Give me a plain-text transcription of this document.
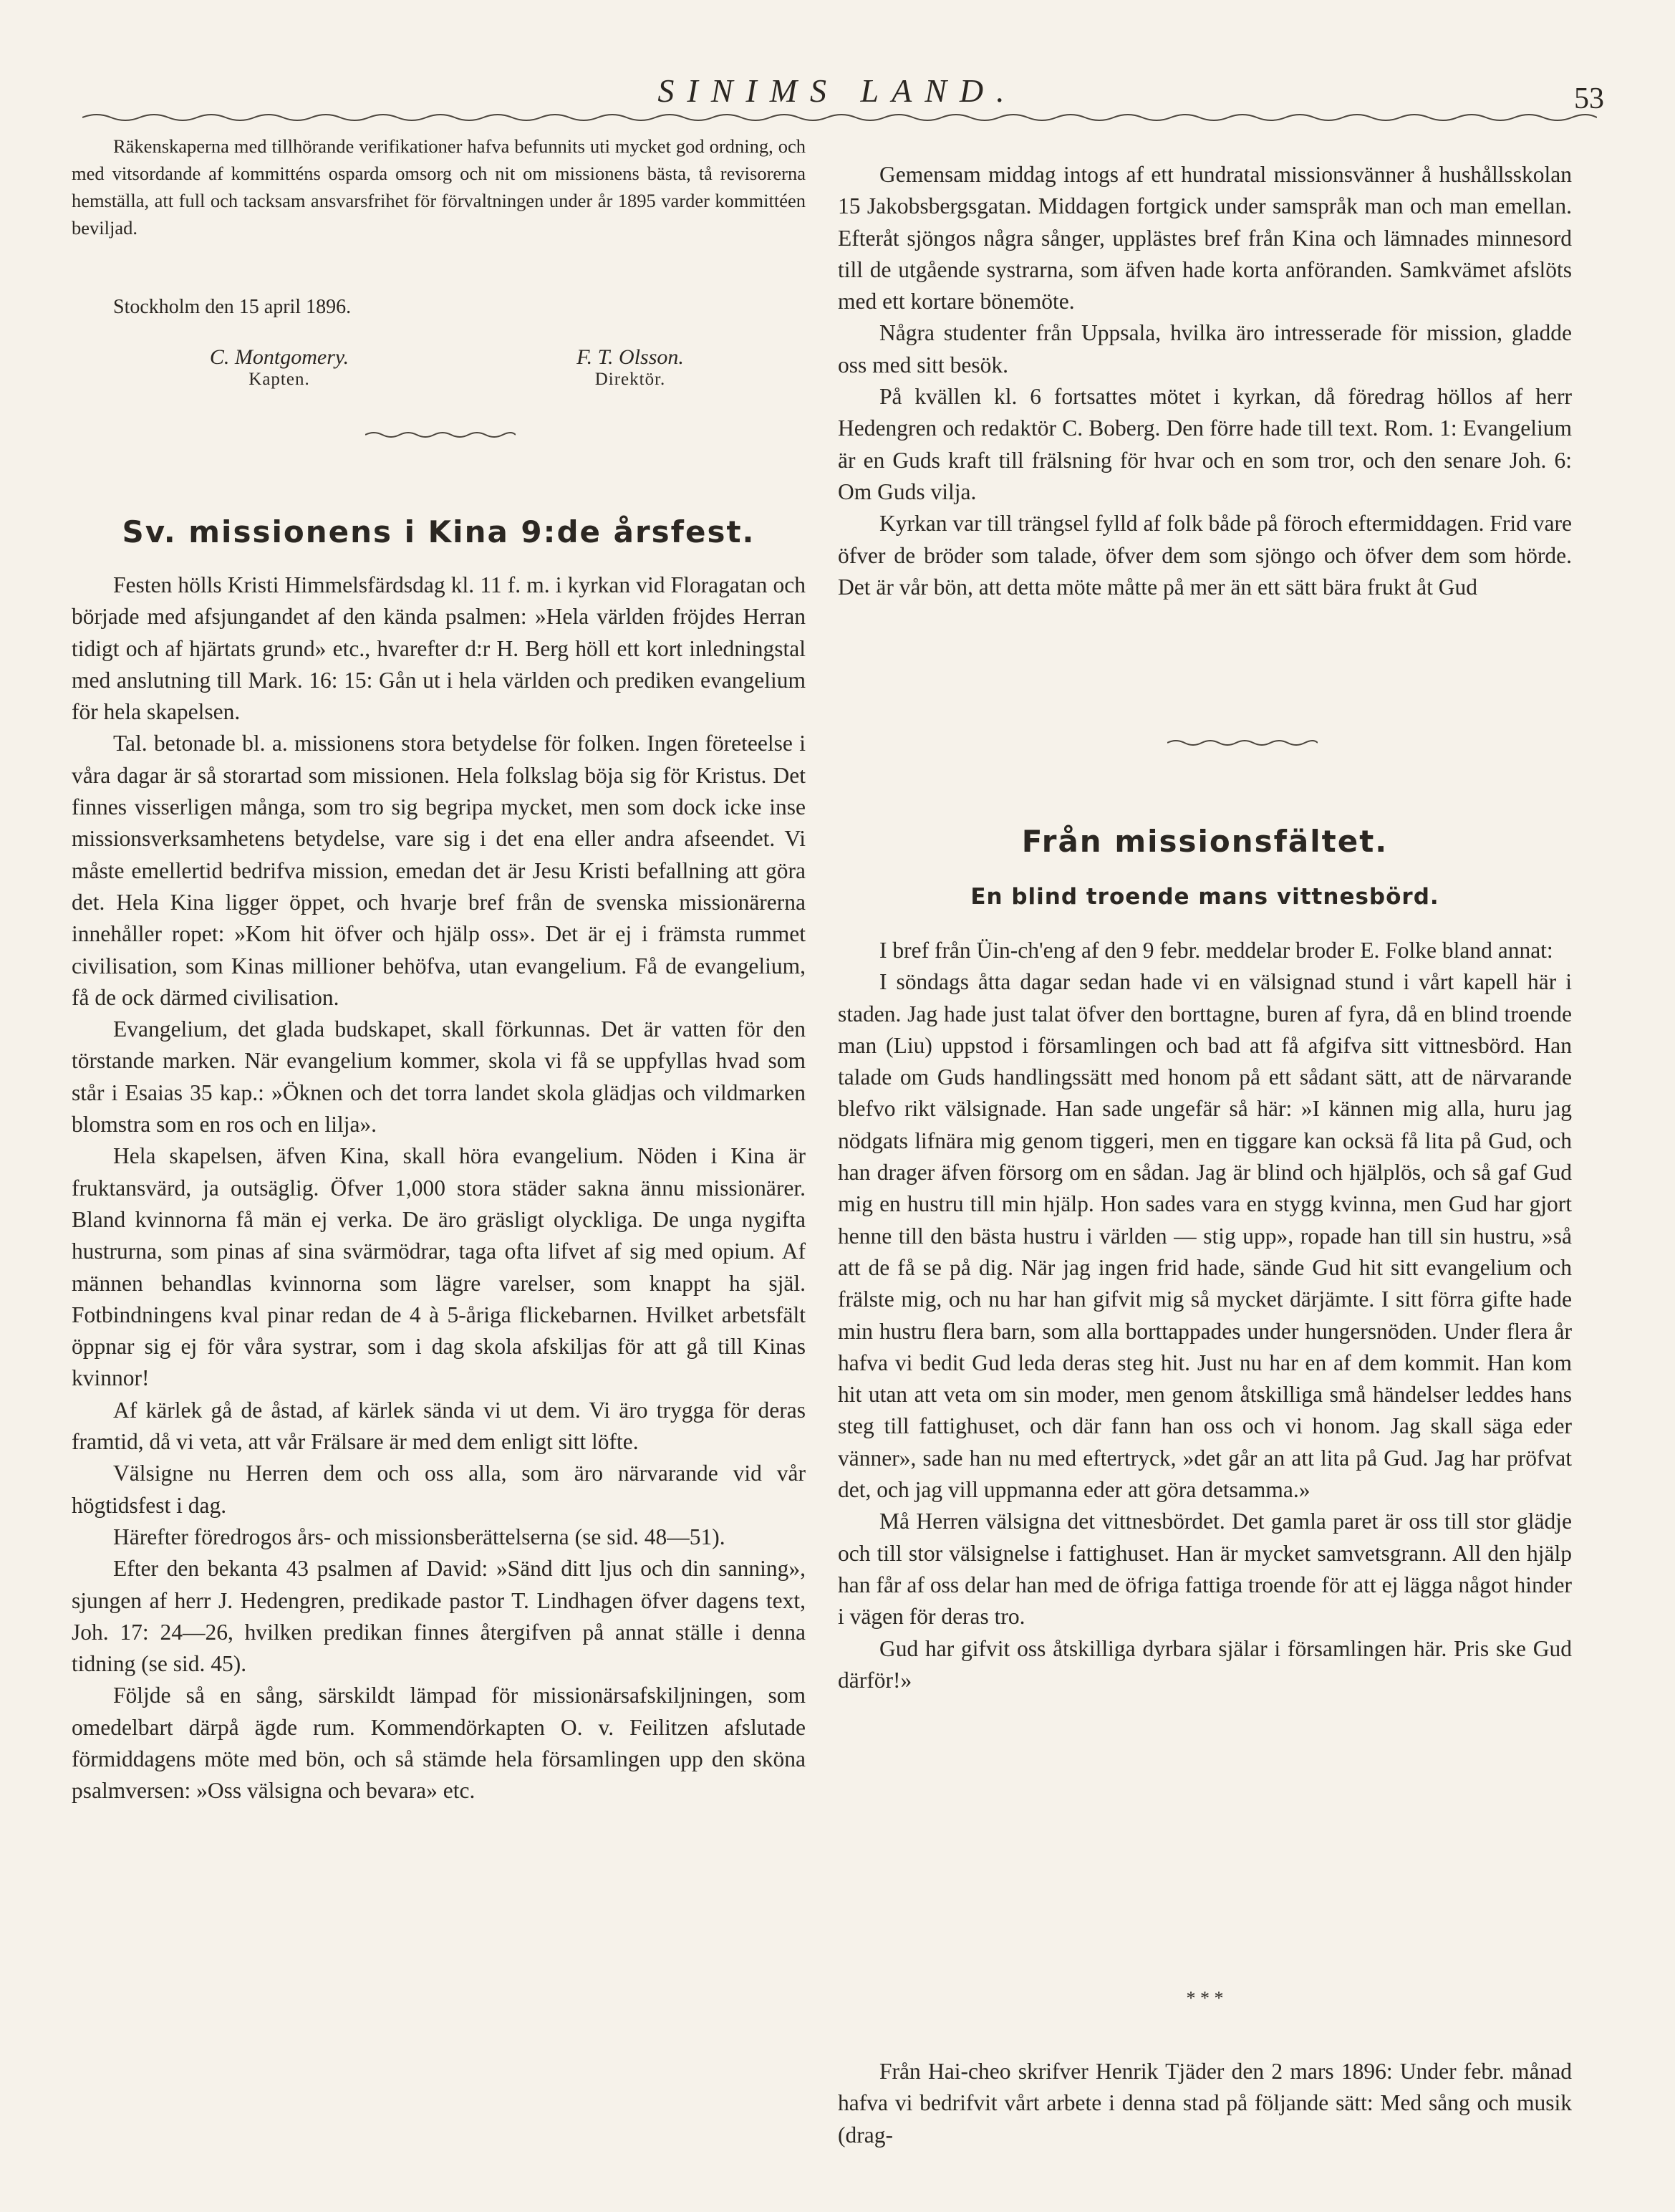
SINIMS LAND.	53

Räkenskaperna med tillhörande verifikationer hafva befunnits uti mycket god ordning, och med vitsordande af kommitténs osparda omsorg och nit om missionens bästa, tå revisorerna hemställa, att full och tacksam ansvarsfrihet för förvaltningen under år 1895 varder kommittéen beviljad.

Stockholm den 15 april 1896.

C. Montgomery.
Kapten.
F. T. Olsson.
Direktör.
Sv. missionens i Kina 9:de årsfest.

Festen hölls Kristi Himmelsfärdsdag kl. 11 f. m. i kyrkan vid Floragatan och började med afsjungandet af den kända psalmen: »Hela världen fröjdes Herran tidigt och af hjärtats grund» etc., hvarefter d:r H. Berg höll ett kort inledningstal med anslutning till Mark. 16: 15: Gån ut i hela världen och prediken evangelium för hela skapelsen.

Tal. betonade bl. a. missionens stora betydelse för folken. Ingen företeelse i våra dagar är så storartad som missionen. Hela folkslag böja sig för Kristus. Det finnes visserligen många, som tro sig begripa mycket, men som dock icke inse missionsverksamhetens betydelse, vare sig i det ena eller andra afseendet. Vi måste emellertid bedrifva mission, emedan det är Jesu Kristi befallning att göra det. Hela Kina ligger öppet, och hvarje bref från de svenska missionärerna innehåller ropet: »Kom hit öfver och hjälp oss». Det är ej i främsta rummet civilisation, som Kinas millioner behöfva, utan evangelium. Få de evangelium, få de ock därmed civilisation.

Evangelium, det glada budskapet, skall förkunnas. Det är vatten för den törstande marken. När evangelium kommer, skola vi få se uppfyllas hvad som står i Esaias 35 kap.: »Öknen och det torra landet skola glädjas och vildmarken blomstra som en ros och en lilja».

Hela skapelsen, äfven Kina, skall höra evangelium. Nöden i Kina är fruktansvärd, ja outsäglig. Öfver 1,000 stora städer sakna ännu missionärer. Bland kvinnorna få män ej verka. De äro gräsligt olyckliga. De unga nygifta hustrurna, som pinas af sina svärmödrar, taga ofta lifvet af sig med opium. Af männen behandlas kvinnorna som lägre varelser, som knappt ha själ. Fotbindningens kval pinar redan de 4 à 5-åriga flickebarnen. Hvilket arbetsfält öppnar sig ej för våra systrar, som i dag skola afskiljas för att gå till Kinas kvinnor!

Af kärlek gå de åstad, af kärlek sända vi ut dem. Vi äro trygga för deras framtid, då vi veta, att vår Frälsare är med dem enligt sitt löfte.

Välsigne nu Herren dem och oss alla, som äro närvarande vid vår högtidsfest i dag.

Härefter föredrogos års- och missionsberättelserna (se sid. 48—51).

Efter den bekanta 43 psalmen af David: »Sänd ditt ljus och din sanning», sjungen af herr J. Hedengren, predikade pastor T. Lindhagen öfver dagens text, Joh. 17: 24—26, hvilken predikan finnes återgifven på annat ställe i denna tidning (se sid. 45).

Följde så en sång, särskildt lämpad för missionärsafskiljningen, som omedelbart därpå ägde rum. Kommendörkapten O. v. Feilitzen afslutade förmiddagens möte med bön, och så stämde hela församlingen upp den sköna psalmversen: »Oss välsigna och bevara» etc.

Gemensam middag intogs af ett hundratal missionsvänner å hushållsskolan 15 Jakobsbergsgatan. Middagen fortgick under samspråk man och man emellan. Efteråt sjöngos några sånger, upplästes bref från Kina och lämnades minnesord till de utgående systrarna, som äfven hade korta anföranden. Samkvämet afslöts med ett kortare bönemöte.

Några studenter från Uppsala, hvilka äro intresserade för mission, gladde oss med sitt besök.

På kvällen kl. 6 fortsattes mötet i kyrkan, då föredrag höllos af herr Hedengren och redaktör C. Boberg. Den förre hade till text. Rom. 1: Evangelium är en Guds kraft till frälsning för hvar och en som tror, och den senare Joh. 6: Om Guds vilja.

Kyrkan var till trängsel fylld af folk både på föroch eftermiddagen. Frid vare öfver de bröder som talade, öfver dem som sjöngo och öfver dem som hörde. Det är vår bön, att detta möte måtte på mer än ett sätt bära frukt åt Gud

Från missionsfältet.
En blind troende mans vittnesbörd.

I bref från Üin-ch'eng af den 9 febr. meddelar broder E. Folke bland annat:

I söndags åtta dagar sedan hade vi en välsignad stund i vårt kapell här i staden. Jag hade just talat öfver den borttagne, buren af fyra, då en blind troende man (Liu) uppstod i församlingen och bad att få afgifva sitt vittnesbörd. Han talade om Guds handlingssätt med honom på ett sådant sätt, att de närvarande blefvo rikt välsignade. Han sade ungefär så här: »I kännen mig alla, huru jag nödgats lifnära mig genom tiggeri, men en tiggare kan ocksä få lita på Gud, och han drager äfven försorg om en sådan. Jag är blind och hjälplös, och så gaf Gud mig en hustru till min hjälp. Hon sades vara en stygg kvinna, men Gud har gjort henne till den bästa hustru i världen — stig upp», ropade han till sin hustru, »så att de få se på dig. När jag ingen frid hade, sände Gud hit sitt evangelium och frälste mig, och nu har han gifvit mig så mycket därjämte. I sitt förra gifte hade min hustru flera barn, som alla borttappades under hungersnöden. Under flera år hafva vi bedit Gud leda deras steg hit. Just nu har en af dem kommit. Han kom hit utan att veta om sin moder, men genom åtskilliga små händelser leddes hans steg till fattighuset, och där fann han oss och vi honom. Jag skall säga eder vänner», sade han nu med eftertryck, »det går an att lita på Gud. Jag har pröfvat det, och jag vill uppmanna eder att göra detsamma.»

Må Herren välsigna det vittnesbördet. Det gamla paret är oss till stor glädje och till stor välsignelse i fattighuset. Han är mycket samvetsgrann. All den hjälp han får af oss delar han med de öfriga fattiga troende för att ej lägga något hinder i vägen för deras tro.

Gud har gifvit oss åtskilliga dyrbara själar i församlingen här. Pris ske Gud därför!»

* * *

Från Hai-cheo skrifver Henrik Tjäder den 2 mars 1896: Under febr. månad hafva vi bedrifvit vårt arbete i denna stad på följande sätt: Med sång och musik (drag-
